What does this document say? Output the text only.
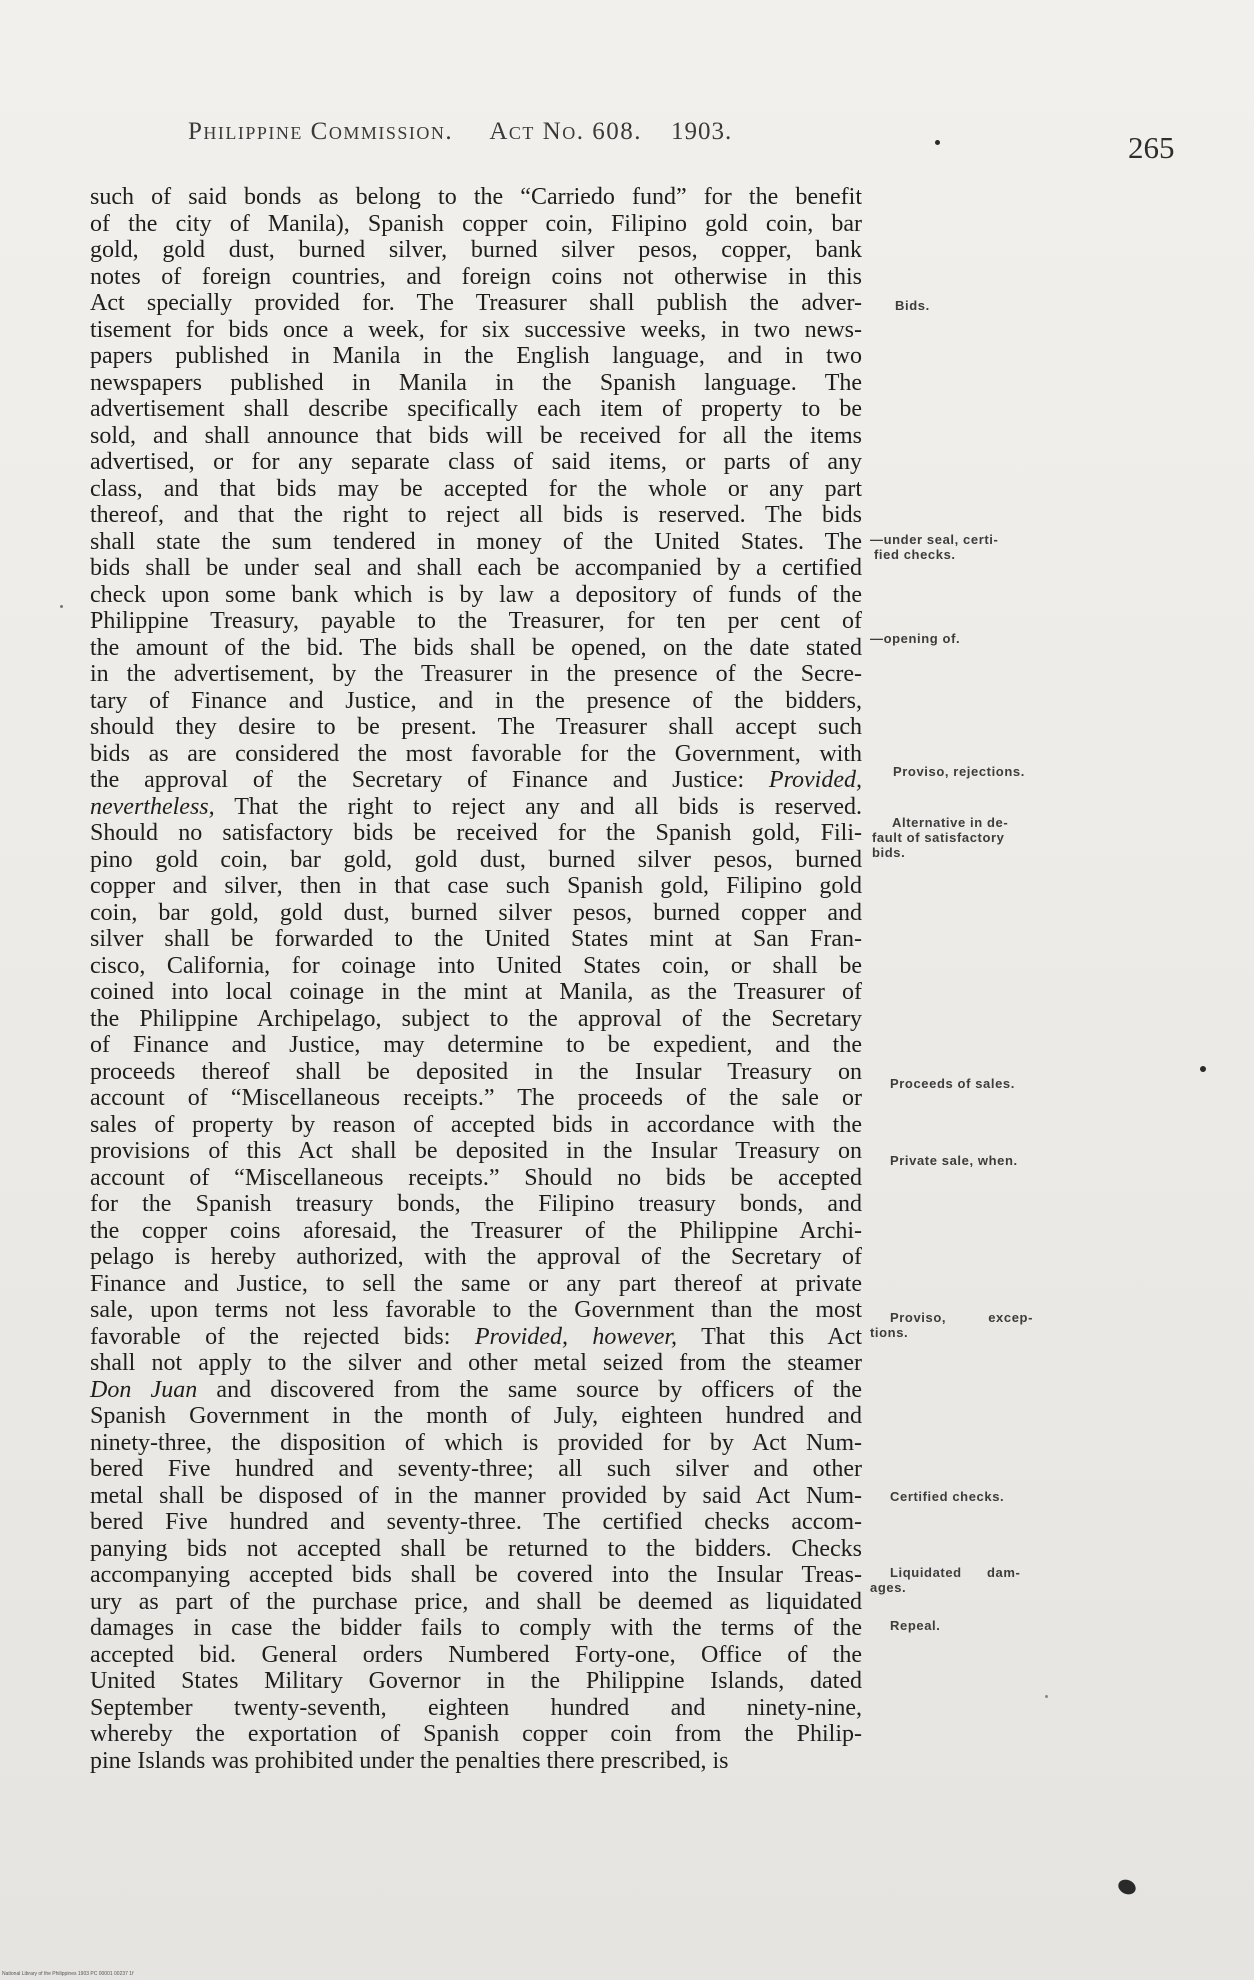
Philippine Commission. Act No. 608. 1903.	265
such of said bonds as belong to the “Carriedo fund” for the benefit
of the city of Manila), Spanish copper coin, Filipino gold coin, bar
gold, gold dust, burned silver, burned silver pesos, copper, bank
notes of foreign countries, and foreign coins not otherwise in this
Act specially provided for. The Treasurer shall publish the adver-
tisement for bids once a week, for six successive weeks, in two news-
papers published in Manila in the English language, and in two
newspapers published in Manila in the Spanish language. The
advertisement shall describe specifically each item of property to be
sold, and shall announce that bids will be received for all the items
advertised, or for any separate class of said items, or parts of any
class, and that bids may be accepted for the whole or any part
thereof, and that the right to reject all bids is reserved. The bids
shall state the sum tendered in money of the United States. The
bids shall be under seal and shall each be accompanied by a certified
check upon some bank which is by law a depository of funds of the
Philippine Treasury, payable to the Treasurer, for ten per cent of
the amount of the bid. The bids shall be opened, on the date stated
in the advertisement, by the Treasurer in the presence of the Secre-
tary of Finance and Justice, and in the presence of the bidders,
should they desire to be present. The Treasurer shall accept such
bids as are considered the most favorable for the Government, with
the approval of the Secretary of Finance and Justice: Provided,
nevertheless, That the right to reject any and all bids is reserved.
Should no satisfactory bids be received for the Spanish gold, Fili-
pino gold coin, bar gold, gold dust, burned silver pesos, burned
copper and silver, then in that case such Spanish gold, Filipino gold
coin, bar gold, gold dust, burned silver pesos, burned copper and
silver shall be forwarded to the United States mint at San Fran-
cisco, California, for coinage into United States coin, or shall be
coined into local coinage in the mint at Manila, as the Treasurer of
the Philippine Archipelago, subject to the approval of the Secretary
of Finance and Justice, may determine to be expedient, and the
proceeds thereof shall be deposited in the Insular Treasury on
account of “Miscellaneous receipts.” The proceeds of the sale or
sales of property by reason of accepted bids in accordance with the
provisions of this Act shall be deposited in the Insular Treasury on
account of “Miscellaneous receipts.” Should no bids be accepted
for the Spanish treasury bonds, the Filipino treasury bonds, and
the copper coins aforesaid, the Treasurer of the Philippine Archi-
pelago is hereby authorized, with the approval of the Secretary of
Finance and Justice, to sell the same or any part thereof at private
sale, upon terms not less favorable to the Government than the most
favorable of the rejected bids: Provided, however, That this Act
shall not apply to the silver and other metal seized from the steamer
Don Juan and discovered from the same source by officers of the
Spanish Government in the month of July, eighteen hundred and
ninety-three, the disposition of which is provided for by Act Num-
bered Five hundred and seventy-three; all such silver and other
metal shall be disposed of in the manner provided by said Act Num-
bered Five hundred and seventy-three. The certified checks accom-
panying bids not accepted shall be returned to the bidders. Checks
accompanying accepted bids shall be covered into the Insular Treas-
ury as part of the purchase price, and shall be deemed as liquidated
damages in case the bidder fails to comply with the terms of the
accepted bid. General orders Numbered Forty-one, Office of the
United States Military Governor in the Philippine Islands, dated
September twenty-seventh, eighteen hundred and ninety-nine,
whereby the exportation of Spanish copper coin from the Philip-
pine Islands was prohibited under the penalties there prescribed, is
Bids.
—under seal, certi-
fied checks.
—opening of.
Proviso, rejections.
Alternative in de-
fault of satisfactory
bids.
Proceeds of sales.
Private sale, when.
Proviso,          excep-
tions.
Certified checks.
Liquidated      dam-
ages.
Repeal.
National Library of the Philippines 1903 PC 00001 00237 1f
